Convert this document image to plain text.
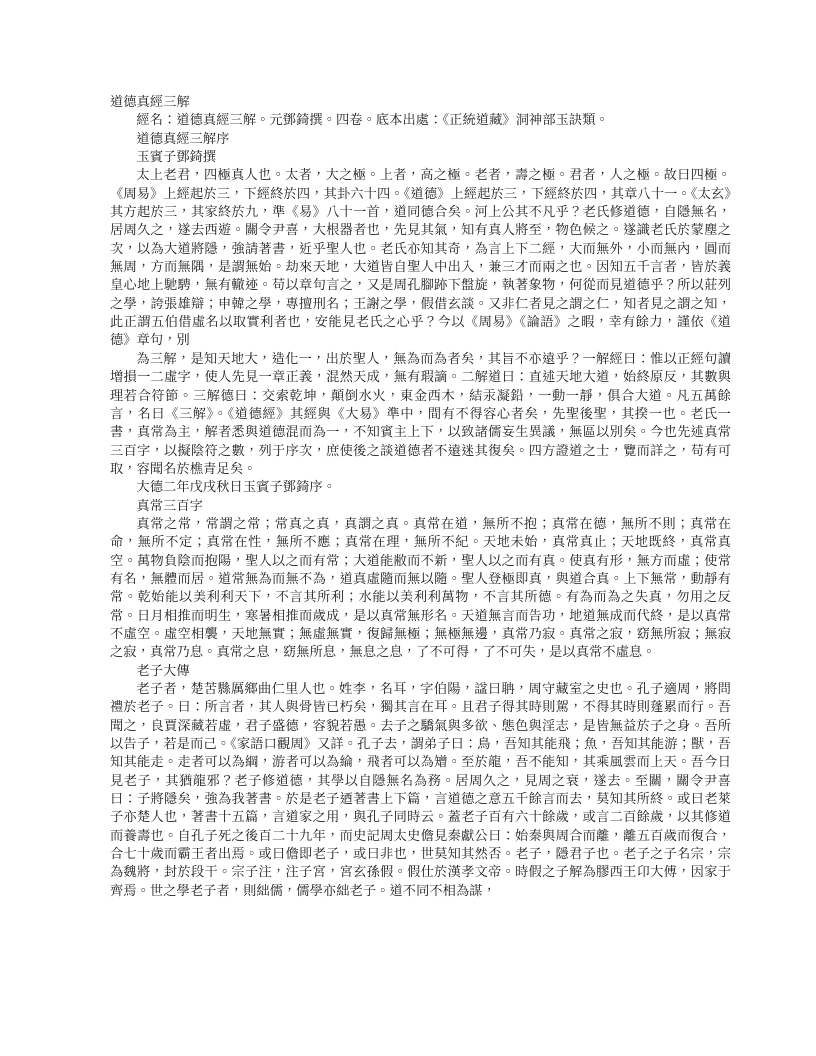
道德真經三解
經名：道德真經三解。元鄧錡撰。四卷。底本出處：《正統道藏》洞神部玉訣類。
道德真經三解序
玉賓子鄧錡撰

太上老君，四極真人也。太者，大之極。上者，高之極。老者，壽之極。君者，人之極。故曰四極。《周易》上經起於三，下經終於四，其卦六十四。《道德》上經起於三，下經終於四，其章八十一。《太玄》其方起於三，其家終於九，準《易》八十一首，道同德合矣。河上公其不凡乎？老氏修道德，自隱無名，居周久之，遂去西遊。關令尹喜，大根器者也，先見其氣，知有真人將至，物色候之。遂識老氏於蒙塵之次，以為大道將隱，強請著書，近乎聖人也。老氏亦知其奇，為言上下二經，大而無外，小而無內，圓而無周，方而無隅，是謂無始。劫來天地，大道皆自聖人中出入，兼三才而兩之也。因知五千言者，皆於義皇心地上馳騁，無有轍迹。苟以章句言之，又是周孔腳跡下盤旋，執著象物，何從而見道德乎？所以莊列之學，誇張雄辯；申韓之學，專擅刑名；王謝之學，假借玄談。又非仁者見之謂之仁，知者見之謂之知，此正謂五伯借虛名以取實利者也，安能見老氏之心乎？今以《周易》《論語》之暇，幸有餘力，謹依《道德》章句，別

為三解，是知天地大，造化一，出於聖人，無為而為者矣，其旨不亦遠乎？一解經曰：惟以正經句讀增損一二虛字，使人先見一章正義，混然天成，無有瑕謫。二解道曰：直述天地大道，始終原反，其數與理若合符節。三解德曰：交索乾坤，顛倒水火，東金西木，結汞凝鉛，一動一靜，俱合大道。凡五萬餘言，名曰《三解》。《道德經》其經與《大易》準中，間有不得容心者矣，先聖後聖，其揆一也。老氏一書，真常為主，解者悉與道德混而為一，不知賓主上下，以致諸儒妄生異議，無區以別矣。今也先述真常三百字，以擬陰符之數，列于序次，庶使後之談道德者不遠迷其復矣。四方證道之士，覽而詳之，苟有可取，容聞名於樵青足矣。

大德二年戊戌秋日玉賓子鄧錡序。
真常三百字

真常之常，常謂之常；常真之真，真謂之真。真常在道，無所不抱；真常在德，無所不則；真常在命，無所不定；真常在性，無所不應；真常在理，無所不紀。天地未始，真常真止；天地既終，真常真空。萬物負陰而抱陽，聖人以之而有常；大道能敝而不新，聖人以之而有真。使真有形，無方而虛；使常有名，無體而居。道常無為而無不為，道真虛隨而無以隨。聖人登極即真，與道合真。上下無常，動靜有常。乾始能以美利利天下，不言其所利；水能以美利利萬物，不言其所德。有為而為之失真，勿用之反常。日月相推而明生，寒暑相推而歲成，是以真常無形名。天道無言而告功，地道無成而代終，是以真常不虛空。虛空相襲，天地無實；無虛無實，復歸無極；無極無邊，真常乃寂。真常之寂，窈無所寂；無寂之寂，真常乃息。真常之息，窈無所息，無息之息，了不可得，了不可失，是以真常不虛息。

老子大傳

老子者，楚苦縣厲鄉曲仁里人也。姓李，名耳，字伯陽，諡曰聃，周守藏室之史也。孔子適周，將問禮於老子。曰：所言者，其人與骨皆已朽矣，獨其言在耳。且君子得其時則駕，不得其時則蓬累而行。吾聞之，良賈深藏若虛，君子盛德，容貌若愚。去子之驕氣與多欲、態色與淫志，是皆無益於子之身。吾所以告子，若是而己。《家語口觀周》又詳。孔子去，謂弟子曰：鳥，吾知其能飛；魚，吾知其能游；獸，吾知其能走。走者可以為綱，游者可以為綸，飛者可以為矰。至於龍，吾不能知，其乘風雲而上天。吾今日見老子，其猶龍邪？老子修道德，其學以自隱無名為務。居周久之，見周之衰，遂去。至關，關令尹喜曰：子將隱矣，強為我著書。於是老子迺著書上下篇，言道德之意五千餘言而去，莫知其所終。或曰老萊子亦楚人也，著書十五篇，言道家之用，與孔子同時云。蓋老子百有六十餘歲，或言二百餘歲，以其修道而養壽也。自孔子死之後百二十九年，而史記周太史儋見秦獻公曰：始秦與周合而離，離五百歲而復合，合七十歲而霸王者出焉。或曰儋即老子，或曰非也，世莫知其然否。老子，隱君子也。老子之子名宗，宗為魏將，封於段干。宗子注，注子宮，宮玄孫假。假仕於漢孝文帝。時假之子解為膠西王卬大傅，因家于齊焉。世之學老子者，則絀儒，儒學亦絀老子。道不同不相為謀，
